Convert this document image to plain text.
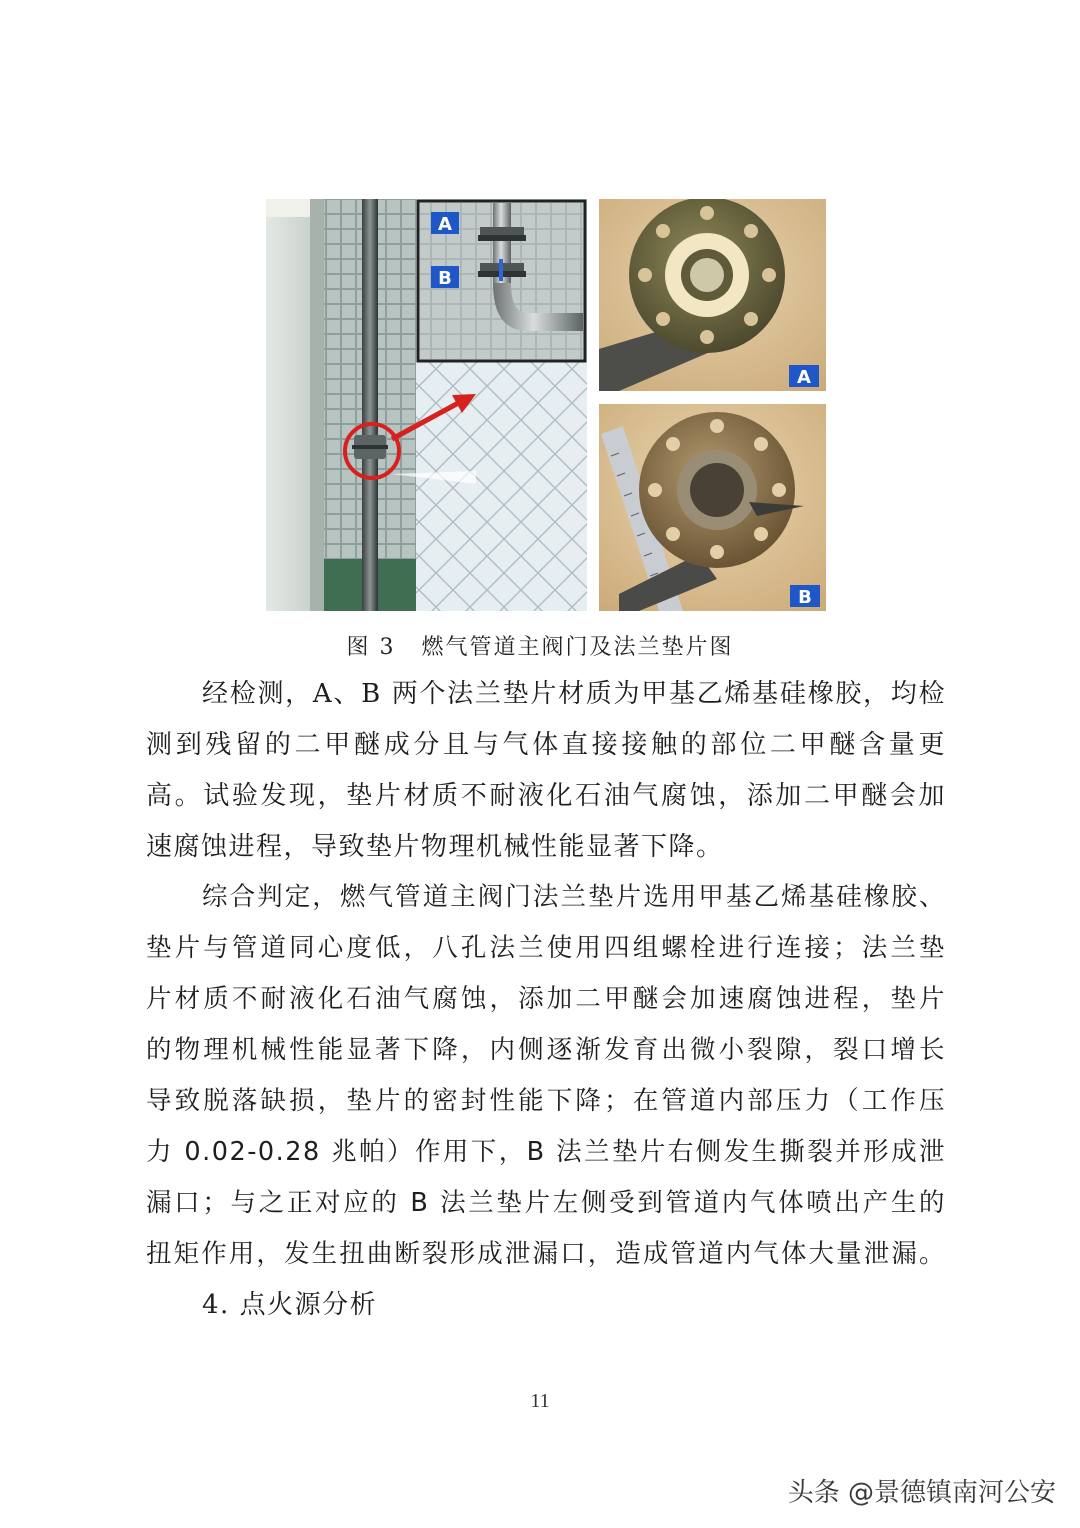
A
B
A
B
图 3 燃气管道主阀门及法兰垫片图

经检测，A、B 两个法兰垫片材质为甲基乙烯基硅橡胶，均检
测到残留的二甲醚成分且与气体直接接触的部位二甲醚含量更
高。试验发现，垫片材质不耐液化石油气腐蚀，添加二甲醚会加
速腐蚀进程，导致垫片物理机械性能显著下降。

综合判定，燃气管道主阀门法兰垫片选用甲基乙烯基硅橡胶、
垫片与管道同心度低，八孔法兰使用四组螺栓进行连接；法兰垫
片材质不耐液化石油气腐蚀，添加二甲醚会加速腐蚀进程，垫片
的物理机械性能显著下降，内侧逐渐发育出微小裂隙，裂口增长
导致脱落缺损，垫片的密封性能下降；在管道内部压力（工作压
力 0.02-0.28 兆帕）作用下，B 法兰垫片右侧发生撕裂并形成泄
漏口；与之正对应的 B 法兰垫片左侧受到管道内气体喷出产生的
扭矩作用，发生扭曲断裂形成泄漏口，造成管道内气体大量泄漏。

4. 点火源分析

11
头条 @景德镇南河公安
